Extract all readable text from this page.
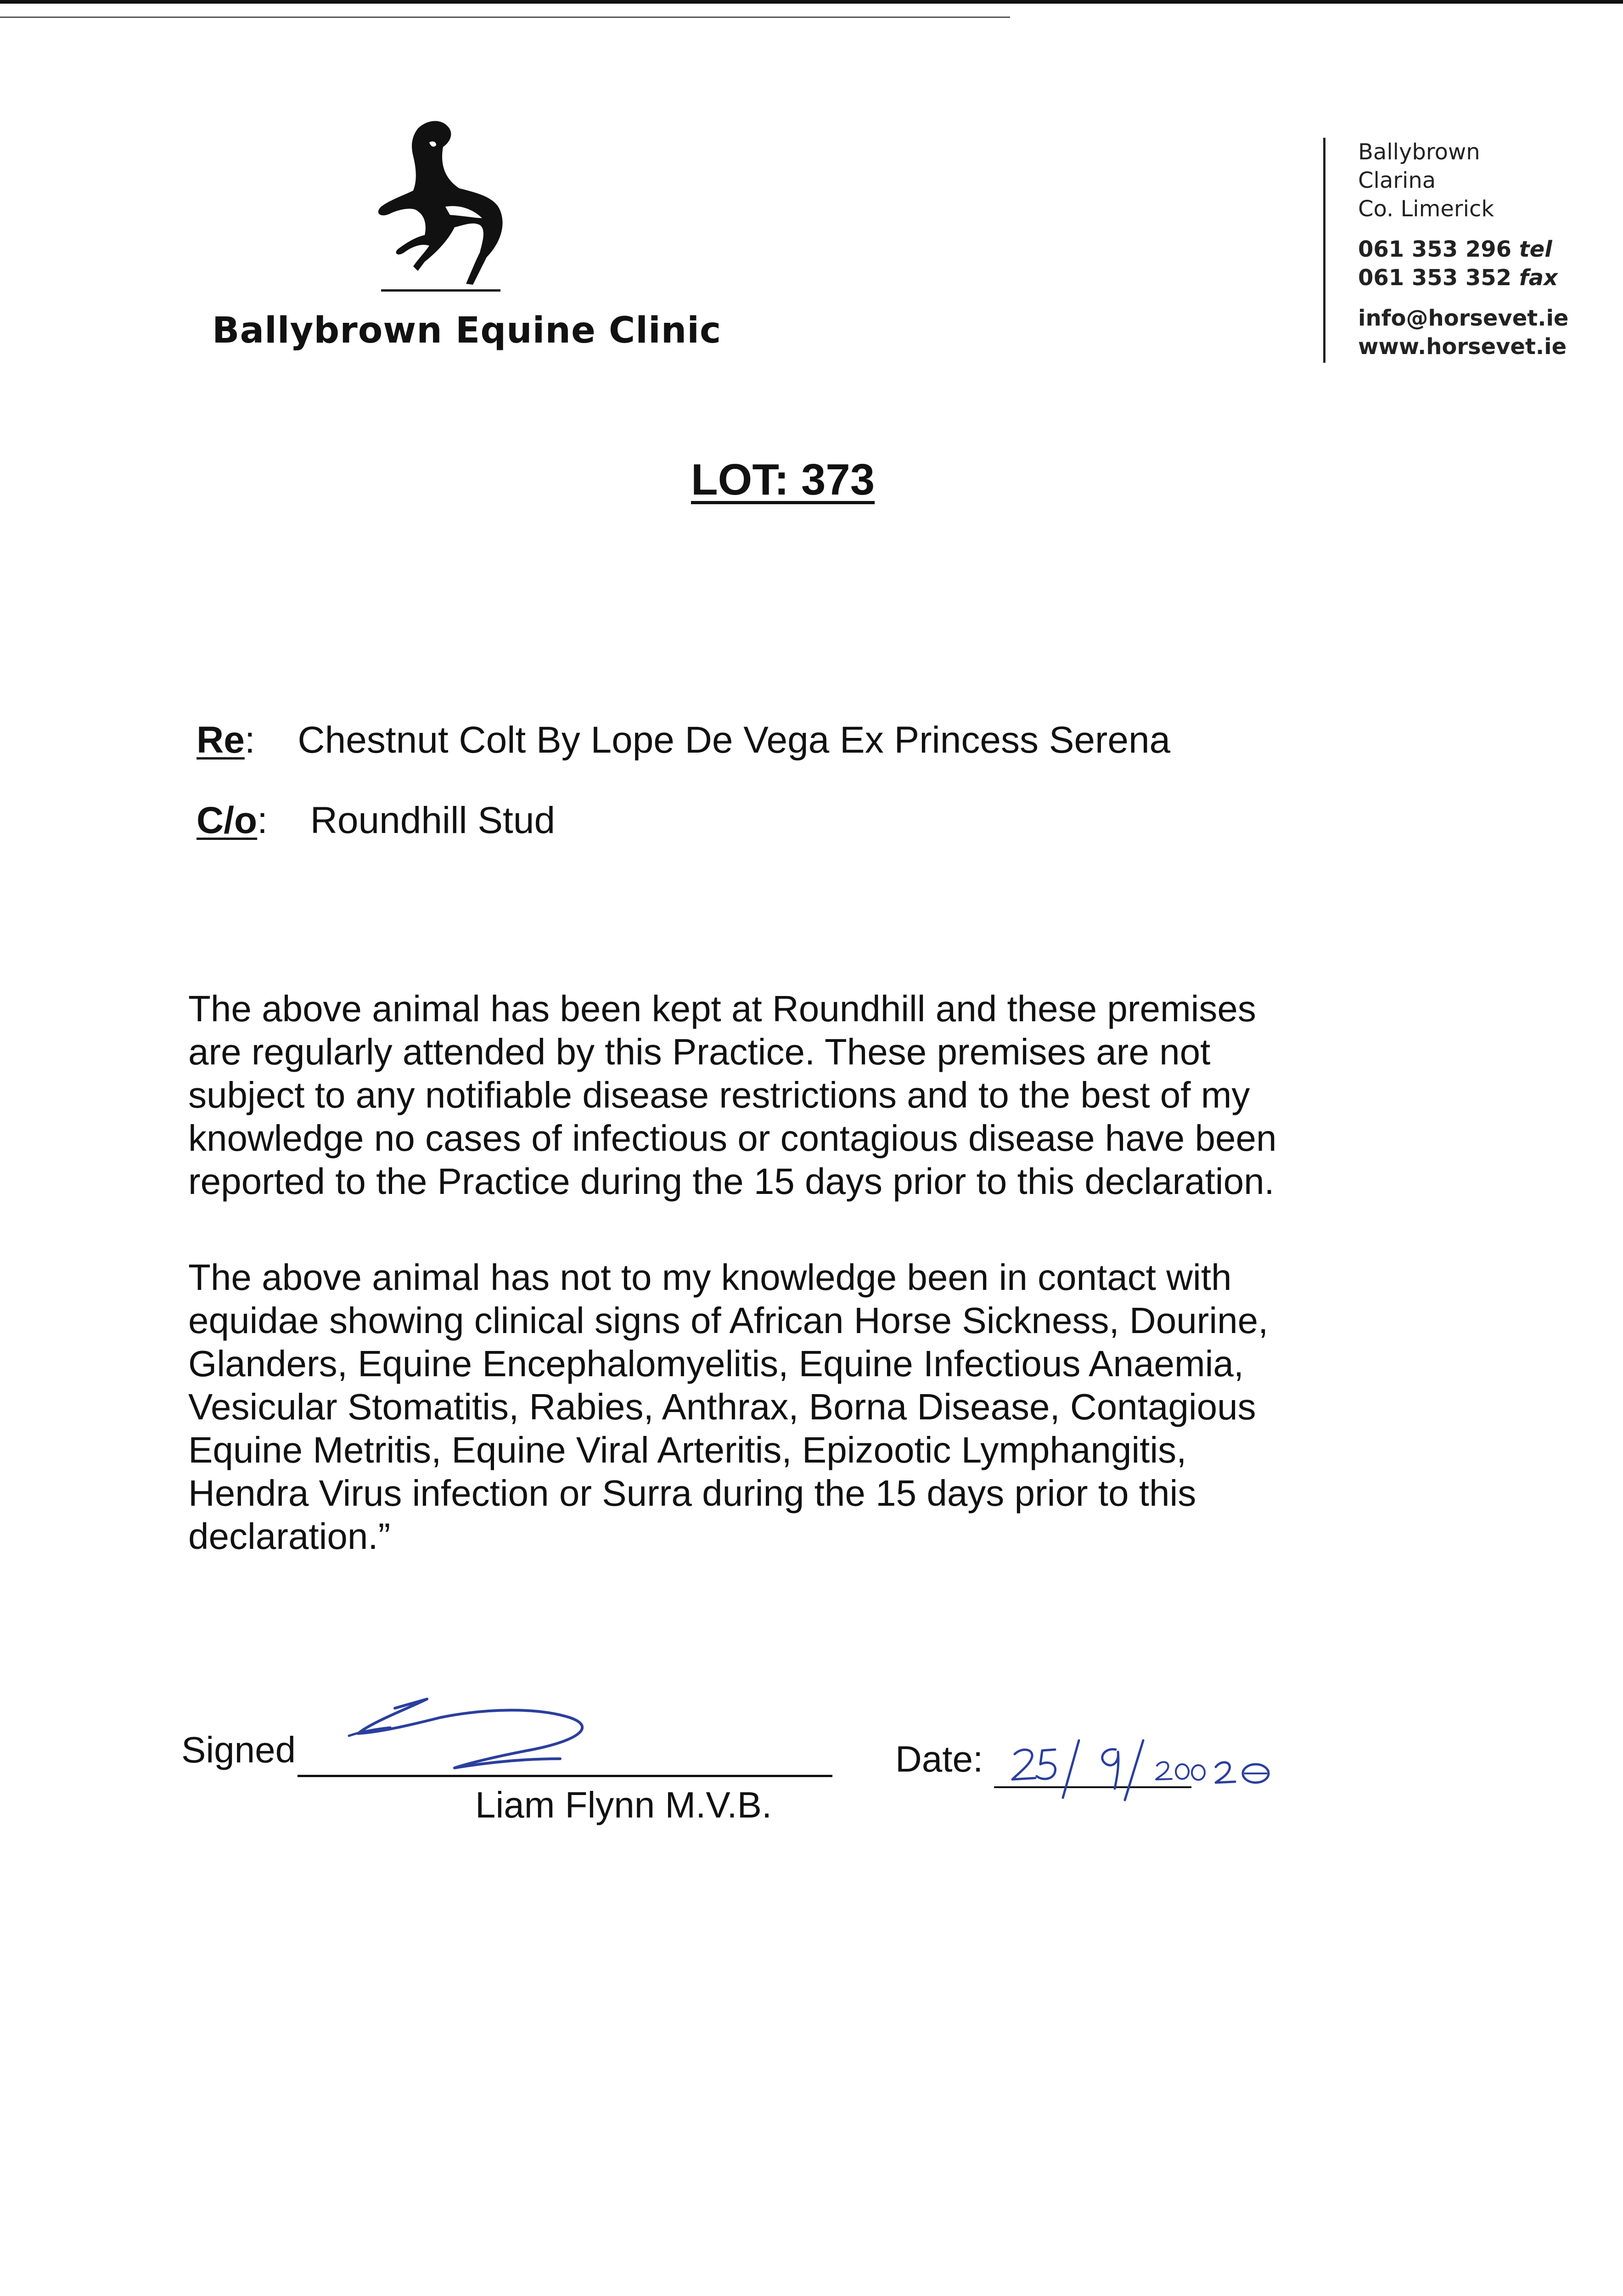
Ballybrown Equine Clinic
Ballybrown
Clarina
Co. Limerick
061 353 296 tel
061 353 352 fax
info@horsevet.ie
www.horsevet.ie
LOT: 373
Re: Chestnut Colt By Lope De Vega Ex Princess Serena
C/o: Roundhill Stud
The above animal has been kept at Roundhill and these premises
are regularly attended by this Practice. These premises are not
subject to any notifiable disease restrictions and to the best of my
knowledge no cases of infectious or contagious disease have been
reported to the Practice during the 15 days prior to this declaration.
The above animal has not to my knowledge been in contact with
equidae showing clinical signs of African Horse Sickness, Dourine,
Glanders, Equine Encephalomyelitis, Equine Infectious Anaemia,
Vesicular Stomatitis, Rabies, Anthrax, Borna Disease, Contagious
Equine Metritis, Equine Viral Arteritis, Epizootic Lymphangitis,
Hendra Virus infection or Surra during the 15 days prior to this
declaration.”
Signed
Liam Flynn M.V.B.
Date:
